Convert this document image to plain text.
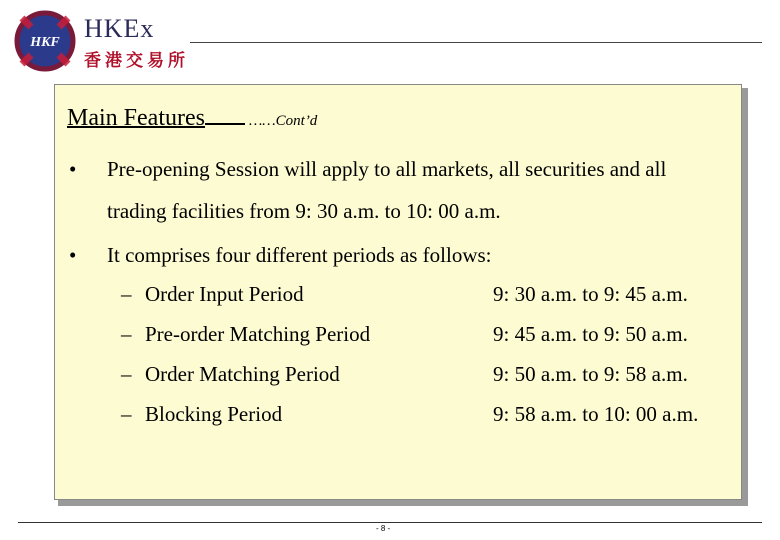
HKF HKEx
香港交易所
Main Features	……Cont’d
• Pre-opening Session will apply to all markets, all securities and all trading facilities from 9: 30 a.m. to 10: 00 a.m.
• It comprises four different periods as follows:
– Order Input Period	9: 30 a.m. to 9: 45 a.m.
– Pre-order Matching Period	9: 45 a.m. to 9: 50 a.m.
– Order Matching Period	9: 50 a.m. to 9: 58 a.m.
– Blocking Period	9: 58 a.m. to 10: 00 a.m.
- 8 -
